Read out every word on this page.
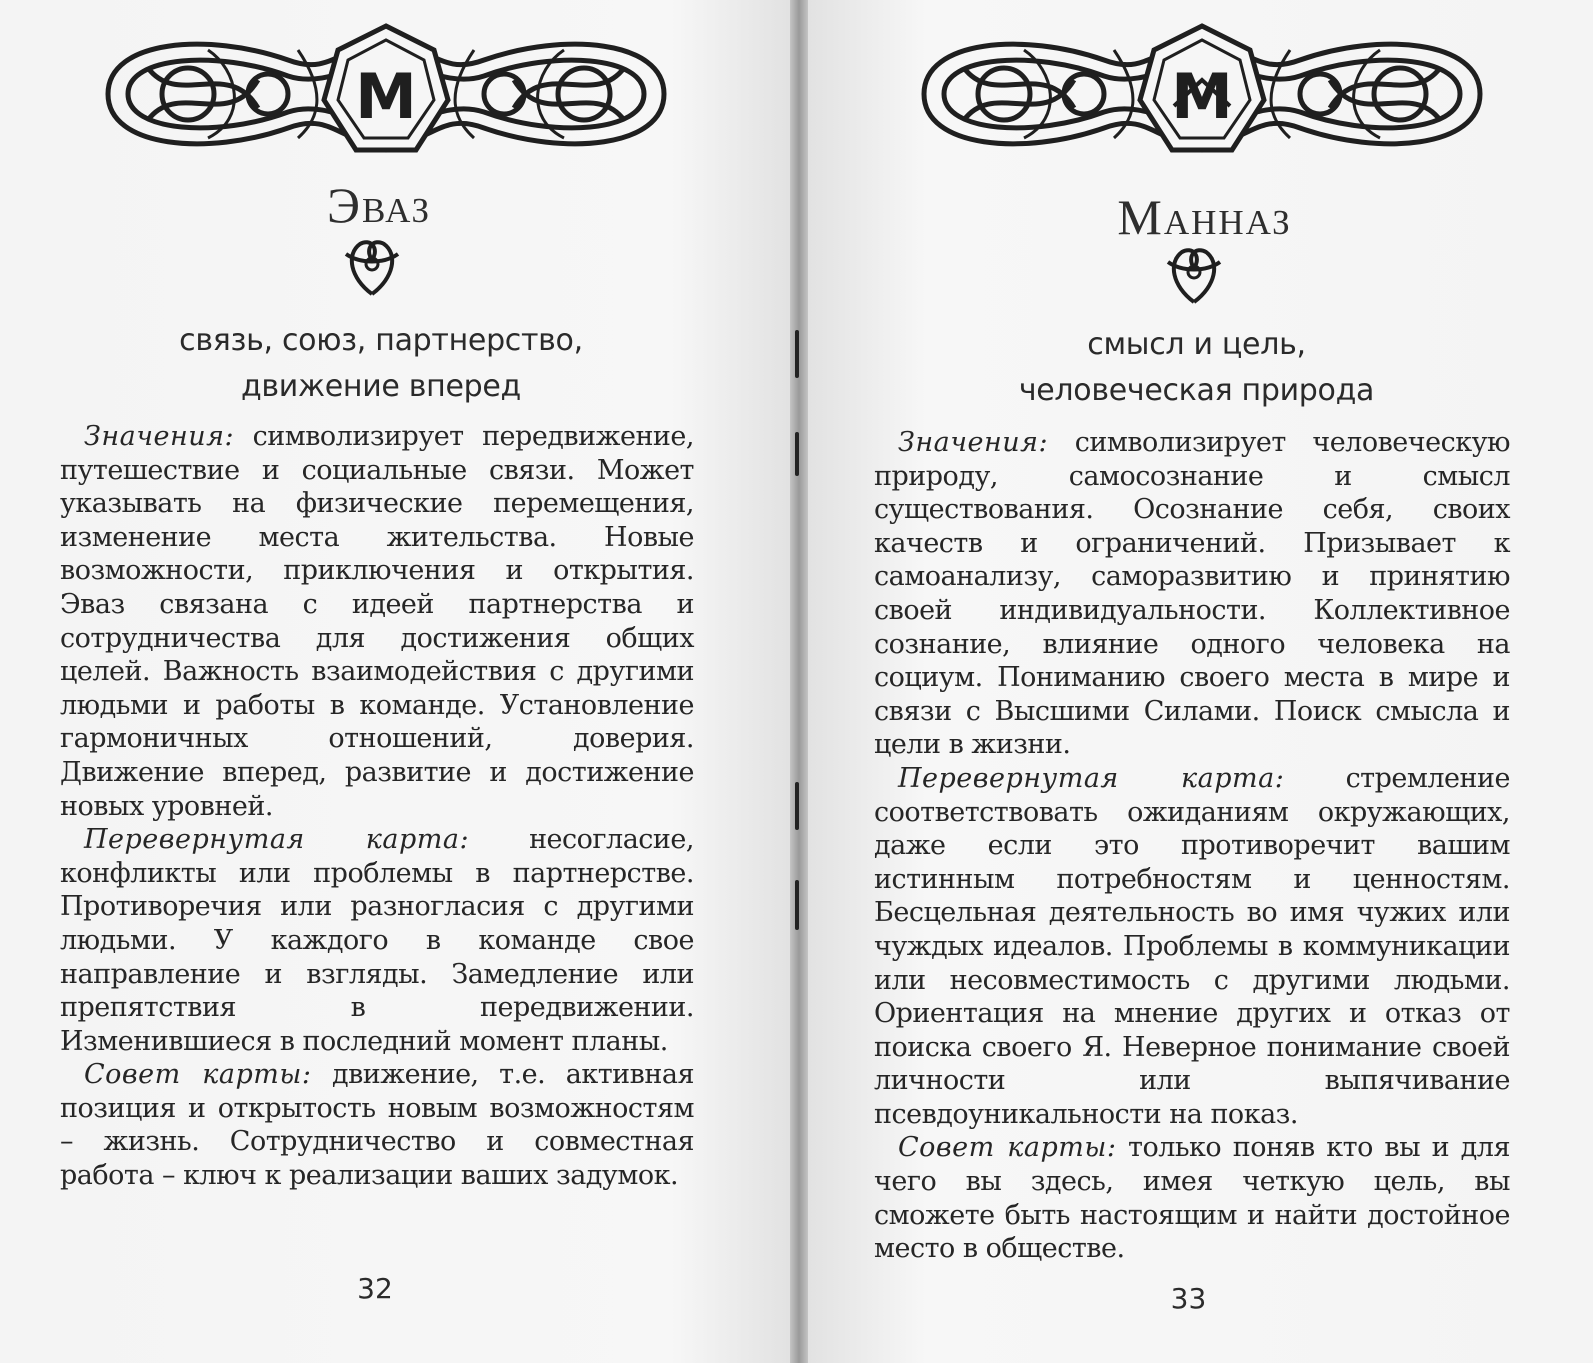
M
Эваз
связь, союз, партнерство,
движение вперед

Значения: символизирует передвижение, путешествие и социальные связи. Может указывать на физические перемещения, изменение места жительства. Новые возможности, приключения и открытия. Эваз связана с идеей партнерства и сотрудничества для достижения общих целей. Важность взаимодействия с другими людьми и работы в команде. Установление гармоничных отношений, доверия. Движение вперед, развитие и достижение новых уровней.

Перевернутая карта: несогласие, конфликты или проблемы в партнерстве. Противоречия или разногласия с другими людьми. У каждого в команде свое направление и взгляды. Замедление или препятствия в передвижении. Изменившиеся в последний момент планы.

Совет карты: движение, т.е. активная позиция и открытость новым возможностям – жизнь. Сотрудничество и совместная работа – ключ к реализации ваших задумок.

32
M
Манназ
смысл и цель,
человеческая природа

Значения: символизирует человеческую природу, самосознание и смысл существования. Осознание себя, своих качеств и ограничений. Призывает к самоанализу, саморазвитию и принятию своей индивидуальности. Коллективное сознание, влияние одного человека на социум. Пониманию своего места в мире и связи с Высшими Силами. Поиск смысла и цели в жизни.

Перевернутая карта: стремление соответствовать ожиданиям окружающих, даже если это противоречит вашим истинным потребностям и ценностям. Бесцельная деятельность во имя чужих или чуждых идеалов. Проблемы в коммуникации или несовместимость с другими людьми. Ориентация на мнение других и отказ от поиска своего Я. Неверное понимание своей личности или выпячивание псевдоуникальности на показ.

Совет карты: только поняв кто вы и для чего вы здесь, имея четкую цель, вы сможете быть настоящим и найти достойное место в обществе.

33
